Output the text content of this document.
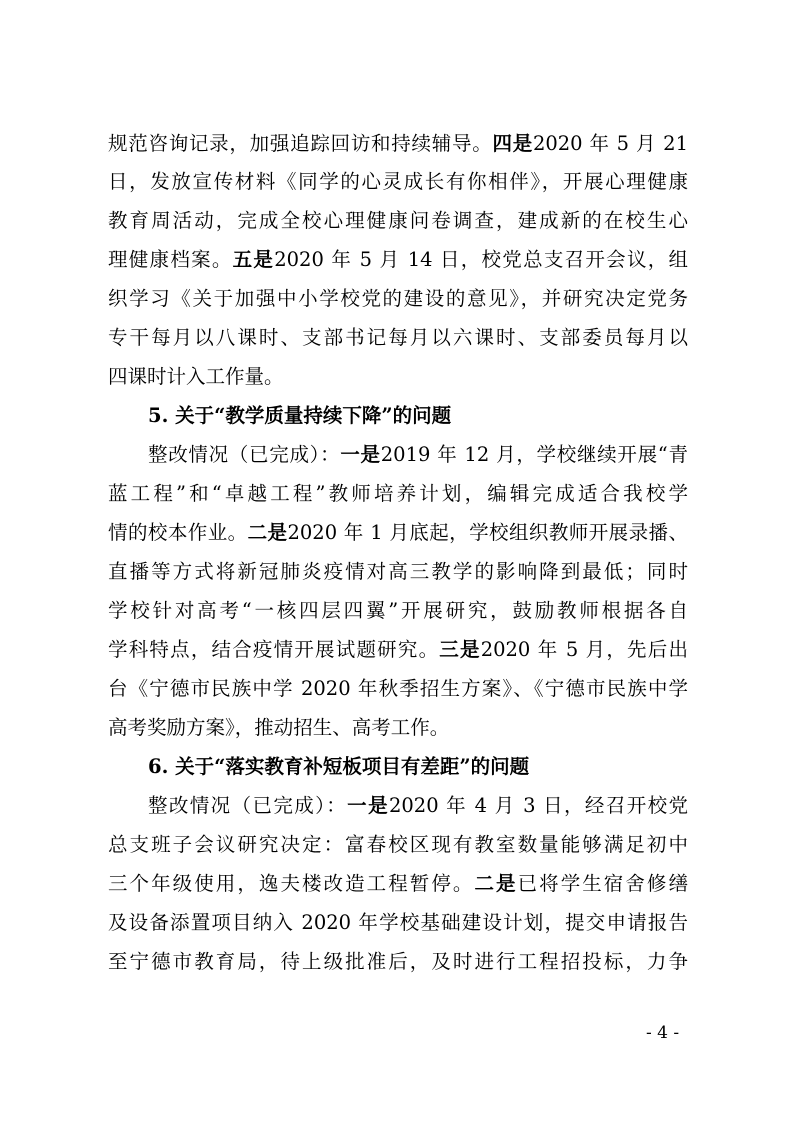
规范咨询记录，加强追踪回访和持续辅导。四是2020 年 5 月 21
日，发放宣传材料《同学的心灵成长有你相伴》，开展心理健康
教育周活动，完成全校心理健康问卷调查，建成新的在校生心
理健康档案。五是2020 年 5 月 14 日，校党总支召开会议，组
织学习《关于加强中小学校党的建设的意见》，并研究决定党务
专干每月以八课时、支部书记每月以六课时、支部委员每月以
四课时计入工作量。
5. 关于“教学质量持续下降”的问题
整改情况（已完成）：一是2019 年 12 月，学校继续开展“青
蓝工程”和“卓越工程”教师培养计划，编辑完成适合我校学
情的校本作业。二是2020 年 1 月底起，学校组织教师开展录播、
直播等方式将新冠肺炎疫情对高三教学的影响降到最低；同时
学校针对高考“一核四层四翼”开展研究，鼓励教师根据各自
学科特点，结合疫情开展试题研究。三是2020 年 5 月，先后出
台《宁德市民族中学 2020 年秋季招生方案》、《宁德市民族中学
高考奖励方案》，推动招生、高考工作。
6. 关于“落实教育补短板项目有差距”的问题
整改情况（已完成）：一是2020 年 4 月 3 日，经召开校党
总支班子会议研究决定：富春校区现有教室数量能够满足初中
三个年级使用，逸夫楼改造工程暂停。二是已将学生宿舍修缮
及设备添置项目纳入 2020 年学校基础建设计划，提交申请报告
至宁德市教育局，待上级批准后，及时进行工程招投标，力争
- 4 -
